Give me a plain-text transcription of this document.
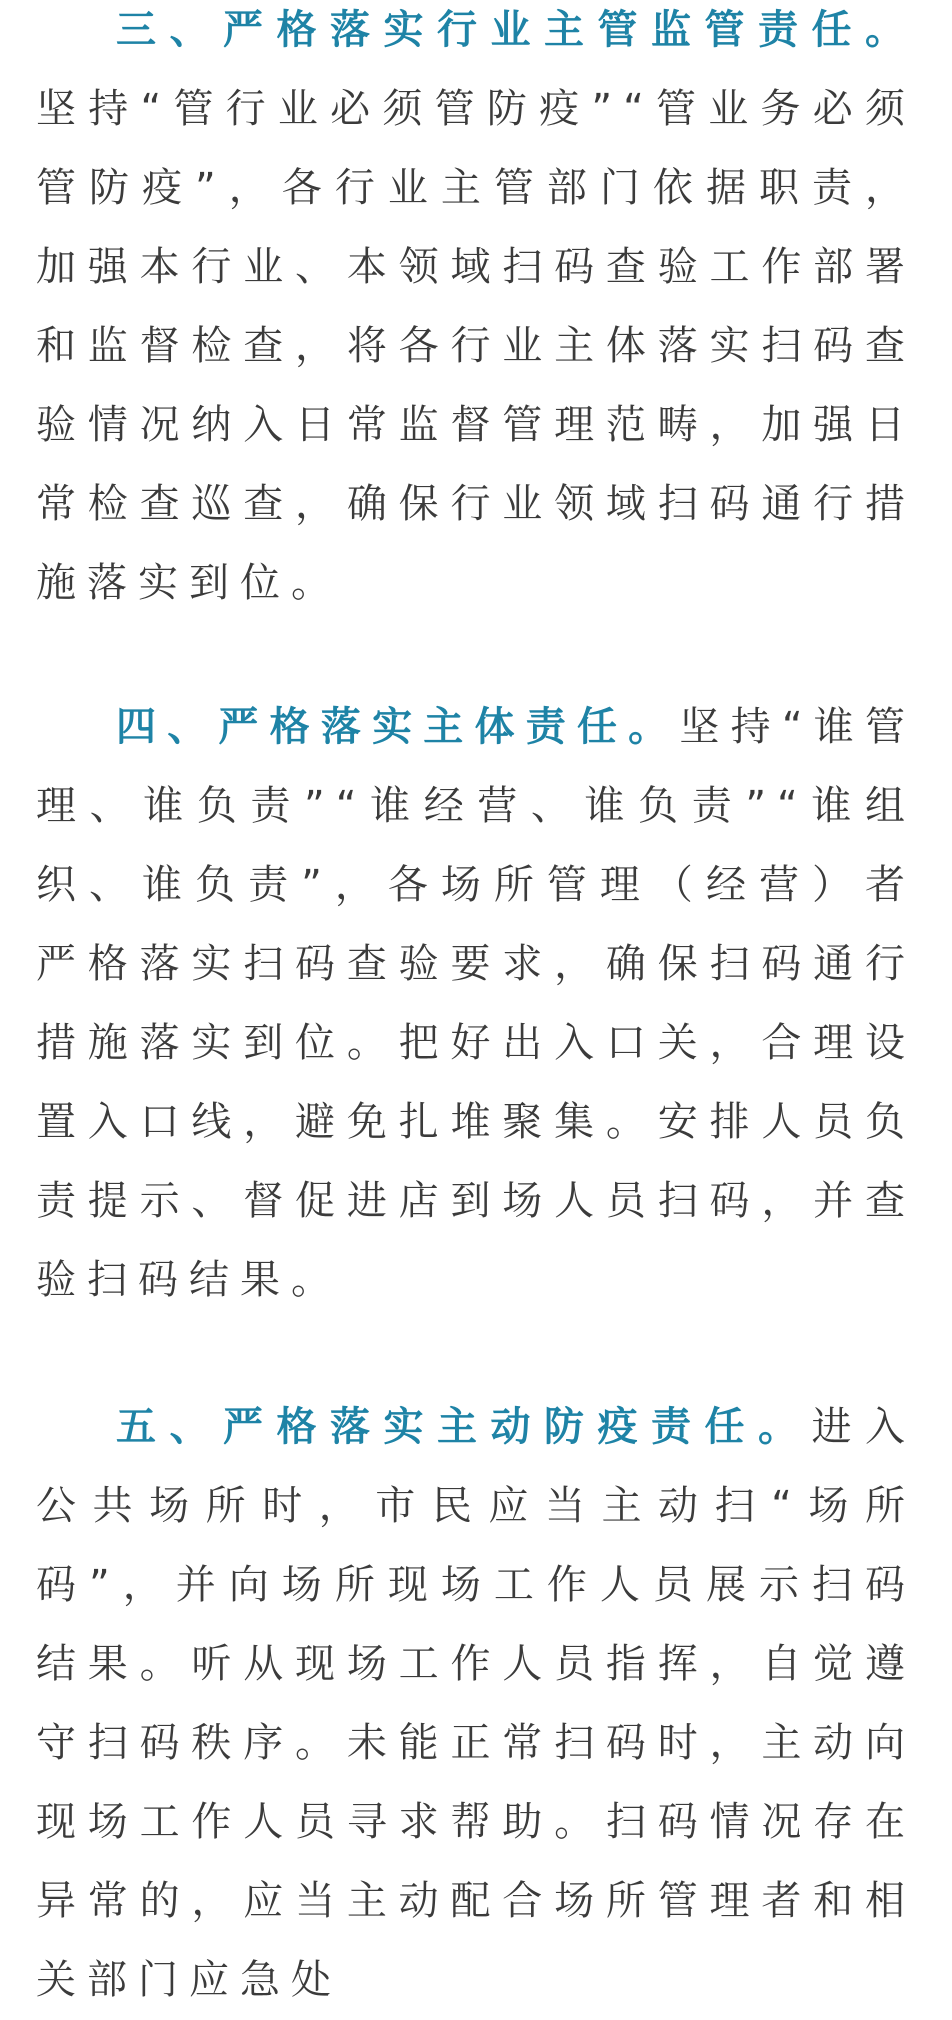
三、严格落实行业主管监管责任。坚持“管行业必须管防疫”“管业务必须管防疫”，各行业主管部门依据职责，加强本行业、本领域扫码查验工作部署和监督检查，将各行业主体落实扫码查验情况纳入日常监督管理范畴，加强日常检查巡查，确保行业领域扫码通行措施落实到位。

四、严格落实主体责任。坚持“谁管理、谁负责”“谁经营、谁负责”“谁组织、谁负责”，各场所管理（经营）者严格落实扫码查验要求，确保扫码通行措施落实到位。把好出入口关，合理设置入口线，避免扎堆聚集。安排人员负责提示、督促进店到场人员扫码，并查验扫码结果。

五、严格落实主动防疫责任。进入公共场所时，市民应当主动扫“场所码”，并向场所现场工作人员展示扫码结果。听从现场工作人员指挥，自觉遵守扫码秩序。未能正常扫码时，主动向现场工作人员寻求帮助。扫码情况存在异常的，应当主动配合场所管理者和相关部门应急处
